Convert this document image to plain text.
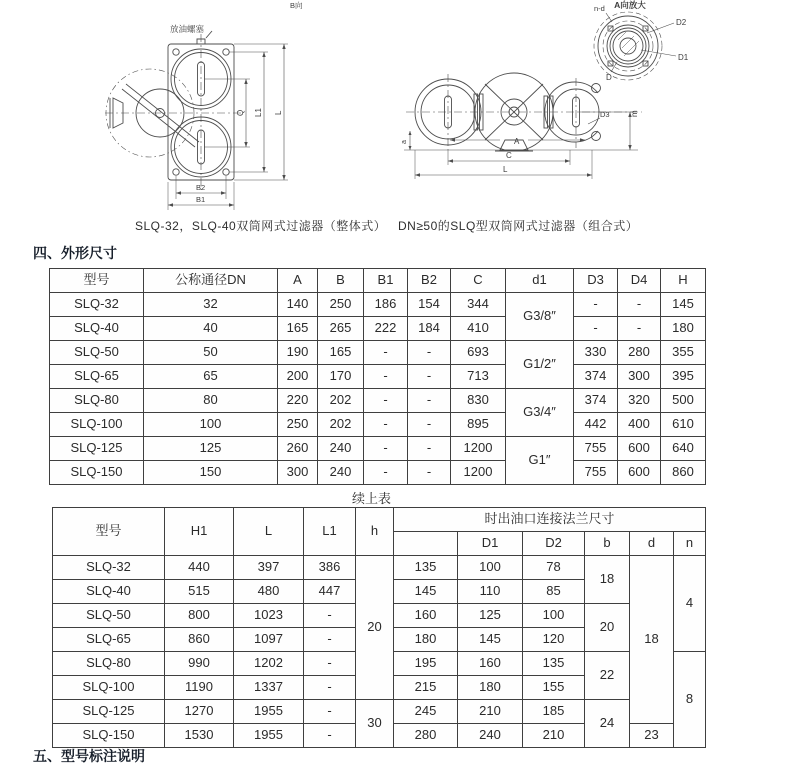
B向
放油螺塞
Q L1 L
B2
B1
A向放大
n-d
D2
D1
D
D3	m
a	A
C
L
SLQ-32，SLQ-40双筒网式过滤器（整体式） DN≥50的SLQ型双筒网式过滤器（组合式）
四、外形尺寸
型号	公称通径DN	A	B	B1	B2	C	d1	D3	D4	H
SLQ-32	32	140	250	186	154	344	G3/8″	-	-	145
SLQ-40	40	165	265	222	184	410		-	-	180
SLQ-50	50	190	165	-	-	693	G1/2″	330	280	355
SLQ-65	65	200	170	-	-	713		374	300	395
SLQ-80	80	220	202	-	-	830	G3/4″	374	320	500
SLQ-100	100	250	202	-	-	895		442	400	610
SLQ-125	125	260	240	-	-	1200	G1″	755	600	640
SLQ-150	150	300	240	-	-	1200		755	600	860
续上表
型号	H1	L	L1	h	时出油口连接法兰尺寸					
						D1	D2	b	d	n
SLQ-32	440	397	386	20	135	100	78	18	18	4
SLQ-40	515	480	447		145	110	85			
SLQ-50	800	1023	-		160	125	100	20		
SLQ-65	860	1097	-		180	145	120			
SLQ-80	990	1202	-		195	160	135	22		8
SLQ-100	1190	1337	-		215	180	155			
SLQ-125	1270	1955	-	30	245	210	185	24		
SLQ-150	1530	1955	-		280	240	210		23	
五、型号标注说明
